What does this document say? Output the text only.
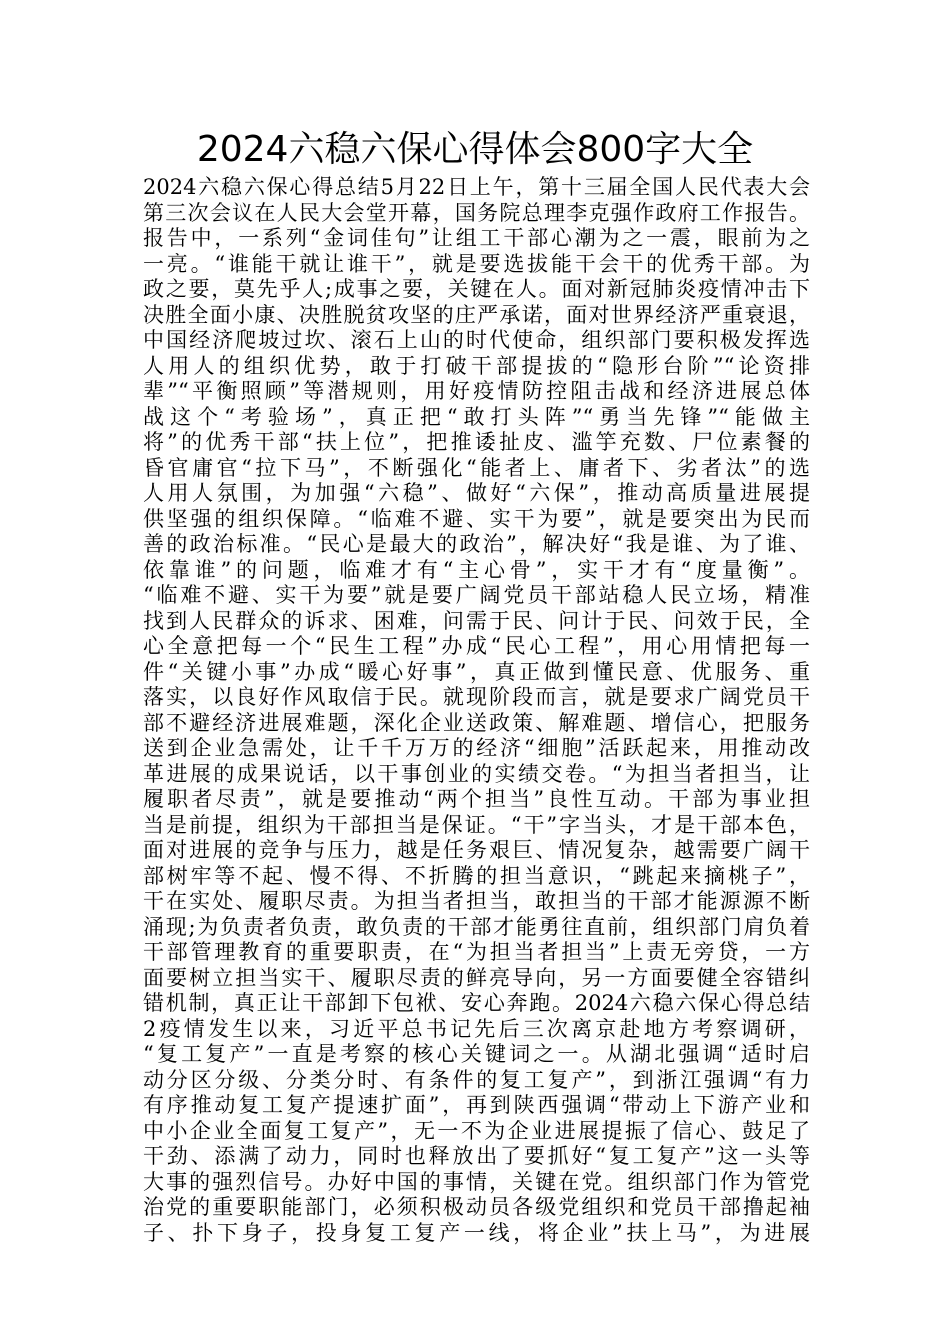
2024六稳六保心得体会800字大全
2024六稳六保心得总结5月22日上午，第十三届全国人民代表大会
第三次会议在人民大会堂开幕，国务院总理李克强作政府工作报告。
报告中，一系列“金词佳句”让组工干部心潮为之一震，眼前为之
一亮。“谁能干就让谁干”，就是要选拔能干会干的优秀干部。为
政之要，莫先乎人;成事之要，关键在人。面对新冠肺炎疫情冲击下
决胜全面小康、决胜脱贫攻坚的庄严承诺，面对世界经济严重衰退，
中国经济爬坡过坎、滚石上山的时代使命，组织部门要积极发挥选
人用人的组织优势，敢于打破干部提拔的“隐形台阶”“论资排
辈”“平衡照顾”等潜规则，用好疫情防控阻击战和经济进展总体
战这个“考验场”，真正把“敢打头阵”“勇当先锋”“能做主
将”的优秀干部“扶上位”，把推诿扯皮、滥竽充数、尸位素餐的
昏官庸官“拉下马”，不断强化“能者上、庸者下、劣者汰”的选
人用人氛围，为加强“六稳”、做好“六保”，推动高质量进展提
供坚强的组织保障。“临难不避、实干为要”，就是要突出为民而
善的政治标准。“民心是最大的政治”，解决好“我是谁、为了谁、
依靠谁”的问题，临难才有“主心骨”，实干才有“度量衡”。
“临难不避、实干为要”就是要广阔党员干部站稳人民立场，精准
找到人民群众的诉求、困难，问需于民、问计于民、问效于民，全
心全意把每一个“民生工程”办成“民心工程”，用心用情把每一
件“关键小事”办成“暖心好事”，真正做到懂民意、优服务、重
落实，以良好作风取信于民。就现阶段而言，就是要求广阔党员干
部不避经济进展难题，深化企业送政策、解难题、增信心，把服务
送到企业急需处，让千千万万的经济“细胞”活跃起来，用推动改
革进展的成果说话，以干事创业的实绩交卷。“为担当者担当，让
履职者尽责”，就是要推动“两个担当”良性互动。干部为事业担
当是前提，组织为干部担当是保证。“干”字当头，才是干部本色，
面对进展的竞争与压力，越是任务艰巨、情况复杂，越需要广阔干
部树牢等不起、慢不得、不折腾的担当意识，“跳起来摘桃子”，
干在实处、履职尽责。为担当者担当，敢担当的干部才能源源不断
涌现;为负责者负责，敢负责的干部才能勇往直前，组织部门肩负着
干部管理教育的重要职责，在“为担当者担当”上责无旁贷，一方
面要树立担当实干、履职尽责的鲜亮导向，另一方面要健全容错纠
错机制，真正让干部卸下包袱、安心奔跑。2024六稳六保心得总结
2疫情发生以来，习近平总书记先后三次离京赴地方考察调研，
“复工复产”一直是考察的核心关键词之一。从湖北强调“适时启
动分区分级、分类分时、有条件的复工复产”，到浙江强调“有力
有序推动复工复产提速扩面”，再到陕西强调“带动上下游产业和
中小企业全面复工复产”，无一不为企业进展提振了信心、鼓足了
干劲、添满了动力，同时也释放出了要抓好“复工复产”这一头等
大事的强烈信号。办好中国的事情，关键在党。组织部门作为管党
治党的重要职能部门，必须积极动员各级党组织和党员干部撸起袖
子、扑下身子，投身复工复产一线，将企业”扶上马”，为进展
